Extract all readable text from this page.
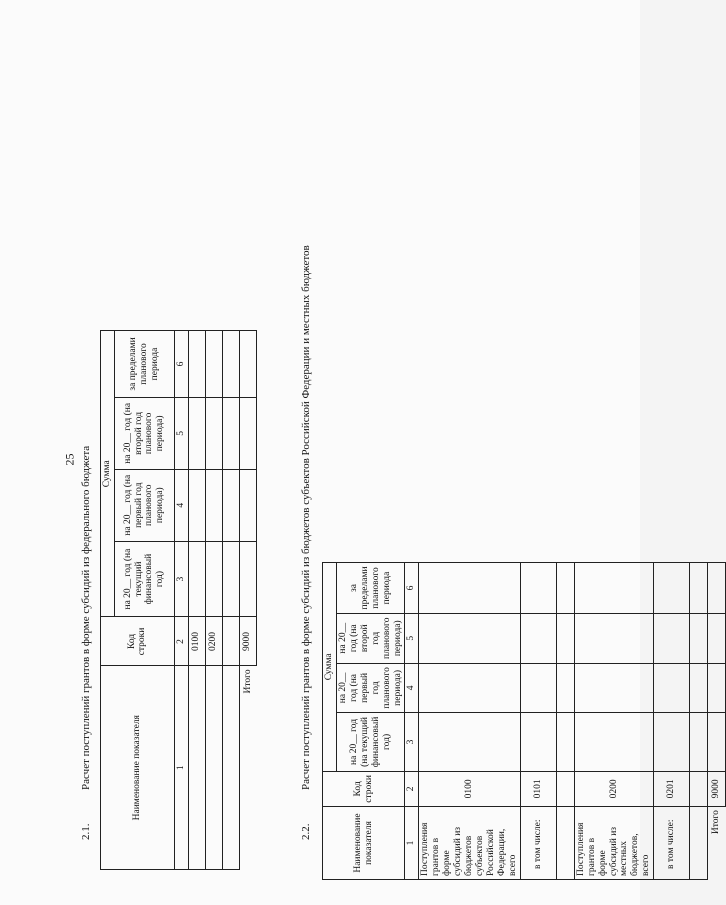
25
2.1.Расчет поступлений грантов в форме субсидий из федерального бюджета	Наименование показателя	Код строки	Сумма			
		на 20__ год (на текущий финансовый год)	на 20__ год (на первый год планового периода)	на 20__ год (на второй год планового периода)	за пределами планового периода
1	2	3	4	5	6
	0100				
	0200				

Итого	9000				
2.2.Расчет поступлений грантов в форме субсидий из бюджетов субъектов Российской Федерации и местных бюджетов
Наименование показателя	Код строки	Сумма			
		на 20__ год (на текущий финансовый год)	на 20__ год (на первый год планового периода)	на 20__ год (на второй год планового периода)	за пределами планового периода
1	2	3	4	5	6
Поступления грантов в форме субсидий из бюджетов субъектов Российской Федерации, всего	0100				
в том числе:	0101				

Поступления грантов в форме субсидий из местных бюджетов, всего	0200				
в том числе:	0201				

Итого	9000				
